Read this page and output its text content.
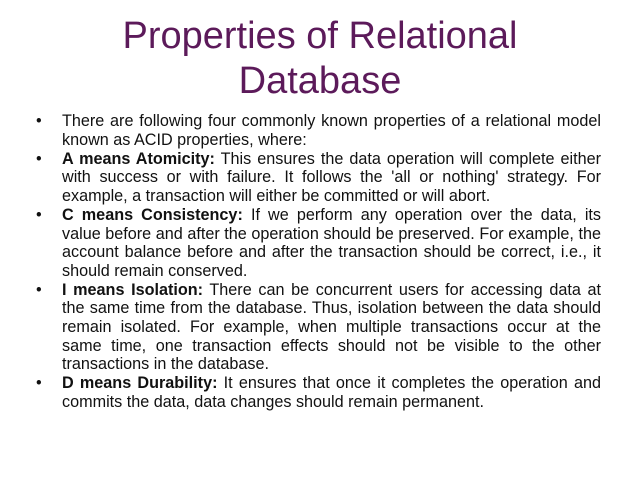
Properties of Relational
Database
•	There are following four commonly known properties of a relational model known as ACID properties, where:
•	A means Atomicity: This ensures the data operation will complete either with success or with failure. It follows the 'all or nothing' strategy. For example, a transaction will either be committed or will abort.
•	C means Consistency: If we perform any operation over the data, its value before and after the operation should be preserved. For example, the account balance before and after the transaction should be correct, i.e., it should remain conserved.
•	I means Isolation: There can be concurrent users for accessing data at the same time from the database. Thus, isolation between the data should remain isolated. For example, when multiple transactions occur at the same time, one transaction effects should not be visible to the other transactions in the database.
•	D means Durability: It ensures that once it completes the operation and commits the data, data changes should remain permanent.
